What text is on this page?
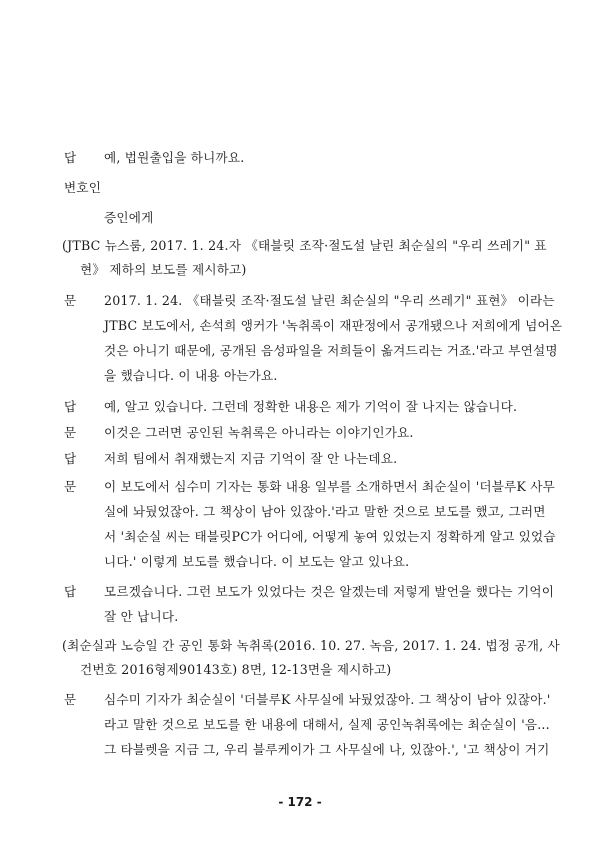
답 예, 법원출입을 하니까요.

변호인

증인에게

(JTBC 뉴스룸, 2017. 1. 24.자 《태블릿 조작·절도설 날린 최순실의 "우리 쓰레기" 표

현》 제하의 보도를 제시하고)

문 2017. 1. 24. 《태블릿 조작·절도설 날린 최순실의 "우리 쓰레기" 표현》 이라는

JTBC 보도에서, 손석희 앵커가 '녹취록이 재판정에서 공개됐으나 저희에게 넘어온

것은 아니기 때문에, 공개된 음성파일을 저희들이 옮겨드리는 거죠.'라고 부연설명

을 했습니다. 이 내용 아는가요.

답 예, 알고 있습니다. 그런데 정확한 내용은 제가 기억이 잘 나지는 않습니다.

문 이것은 그러면 공인된 녹취록은 아니라는 이야기인가요.

답 저희 팀에서 취재했는지 지금 기억이 잘 안 나는데요.

문 이 보도에서 심수미 기자는 통화 내용 일부를 소개하면서 최순실이 '더블루K 사무

실에 놔뒀었잖아. 그 책상이 남아 있잖아.'라고 말한 것으로 보도를 했고, 그러면

서 '최순실 씨는 태블릿PC가 어디에, 어떻게 놓여 있었는지 정확하게 알고 있었습

니다.' 이렇게 보도를 했습니다. 이 보도는 알고 있나요.

답 모르겠습니다. 그런 보도가 있었다는 것은 알겠는데 저렇게 발언을 했다는 기억이

잘 안 납니다.

(최순실과 노승일 간 공인 통화 녹취록(2016. 10. 27. 녹음, 2017. 1. 24. 법정 공개, 사

건번호 2016형제90143호) 8면, 12-13면을 제시하고)

문 심수미 기자가 최순실이 '더블루K 사무실에 놔뒀었잖아. 그 책상이 남아 있잖아.'

라고 말한 것으로 보도를 한 내용에 대해서, 실제 공인녹취록에는 최순실이 '음...

그 타블렛을 지금 그, 우리 블루케이가 그 사무실에 나, 있잖아.', '고 책상이 거기

- 172 -
